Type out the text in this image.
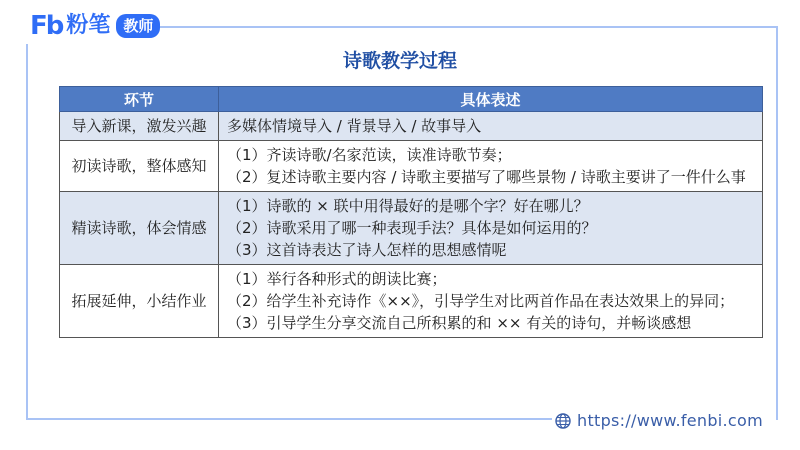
Fb 粉笔 教师
诗歌教学过程
环节	具体表述
导入新课，激发兴趣	多媒体情境导入 / 背景导入 / 故事导入

初读诗歌，整体感知	（1）齐读诗歌/名家范读，读准诗歌节奏；
（2）复述诗歌主要内容 / 诗歌主要描写了哪些景物 / 诗歌主要讲了一件什么事

精读诗歌，体会情感	（1）诗歌的 × 联中用得最好的是哪个字？好在哪儿？
（2）诗歌采用了哪一种表现手法？具体是如何运用的？
（3）这首诗表达了诗人怎样的思想感情呢

拓展延伸，小结作业	（1）举行各种形式的朗读比赛；
（2）给学生补充诗作《××》，引导学生对比两首作品在表达效果上的异同；
（3）引导学生分享交流自己所积累的和 ×× 有关的诗句，并畅谈感想
https://www.fenbi.com
